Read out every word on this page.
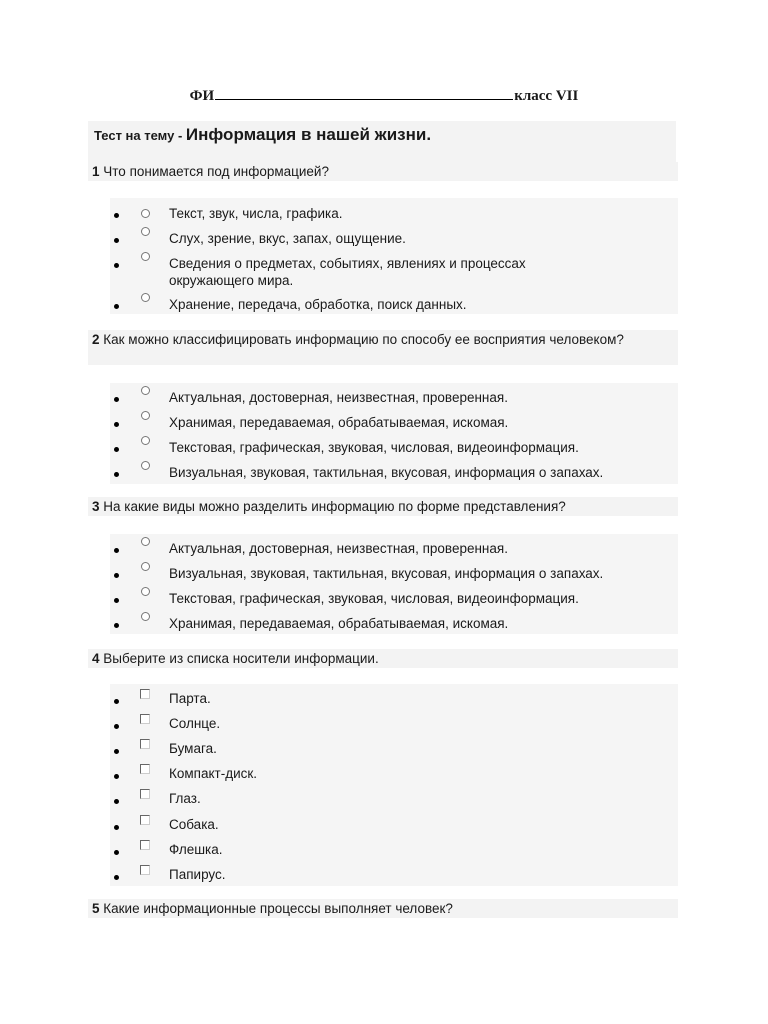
ФИ	класс VII
Тест на тему - Информация в нашей жизни.
1 Что понимается под информацией?
Текст, звук, числа, графика.
Слух, зрение, вкус, запах, ощущение.
Сведения о предметах, событиях, явлениях и процессах окружающего мира.
Хранение, передача, обработка, поиск данных.
2 Как можно классифицировать информацию по способу ее восприятия человеком?
Актуальная, достоверная, неизвестная, проверенная.
Хранимая, передаваемая, обрабатываемая, искомая.
Текстовая, графическая, звуковая, числовая, видеоинформация.
Визуальная, звуковая, тактильная, вкусовая, информация о запахах.
3 На какие виды можно разделить информацию по форме представления?
Актуальная, достоверная, неизвестная, проверенная.
Визуальная, звуковая, тактильная, вкусовая, информация о запахах.
Текстовая, графическая, звуковая, числовая, видеоинформация.
Хранимая, передаваемая, обрабатываемая, искомая.
4 Выберите из списка носители информации.
Парта.
Солнце.
Бумага.
Компакт-диск.
Глаз.
Собака.
Флешка.
Папирус.
5 Какие информационные процессы выполняет человек?
